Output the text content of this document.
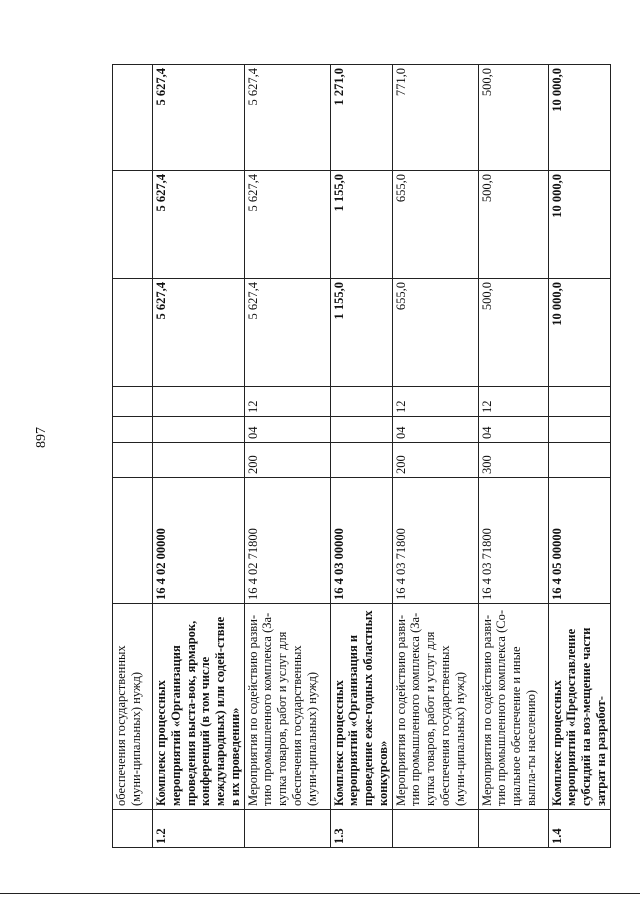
897
	обеспечения государственных (муни-ципальных) нужд)							
1.2	Комплекс процессных мероприятий «Организация проведения выста-вок, ярмарок, конференций (в том числе международных) или содей-ствие в их проведении»	16 4 02 00000				5 627,4	5 627,4	5 627,4
	Мероприятия по содействию разви-тию промышленного комплекса (За-купка товаров, работ и услуг для обеспечения государственных (муни-ципальных) нужд)	16 4 02 71800	200	04	12	5 627,4	5 627,4	5 627,4
1.3	Комплекс процессных мероприятий «Организация и проведение еже-годных областных конкурсов»	16 4 03 00000				1 155,0	1 155,0	1 271,0
	Мероприятия по содействию разви-тию промышленного комплекса (За-купка товаров, работ и услуг для обеспечения государственных (муни-ципальных) нужд)	16 4 03 71800	200	04	12	655,0	655,0	771,0
	Мероприятия по содействию разви-тию промышленного комплекса (Со-циальное обеспечение и иные выпла-ты населению)	16 4 03 71800	300	04	12	500,0	500,0	500,0
1.4	Комплекс процессных мероприятий «Предоставление субсидий на воз-мещение части затрат на разработ-	16 4 05 00000				10 000,0	10 000,0	10 000,0
